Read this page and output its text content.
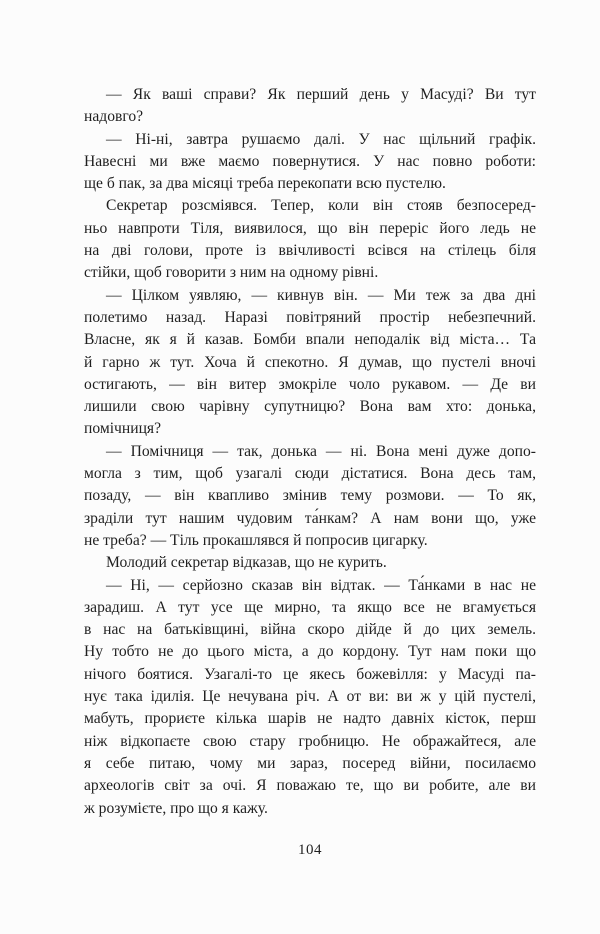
— Як ваші справи? Як перший день у Масуді? Ви тут
надовго?
— Ні-ні, завтра рушаємо далі. У нас щільний графік.
Навесні ми вже маємо повернутися. У нас повно роботи:
ще б пак, за два місяці треба перекопати всю пустелю.
Секретар розсміявся. Тепер, коли він стояв безпосеред-
ньо навпроти Тіля, виявилося, що він переріс його ледь не
на дві голови, проте із ввічливості всівся на стілець біля
стійки, щоб говорити з ним на одному рівні.
— Цілком уявляю, — кивнув він. — Ми теж за два дні
полетимо назад. Наразі повітряний простір небезпечний.
Власне, як я й казав. Бомби впали неподалік від міста… Та
й гарно ж тут. Хоча й спекотно. Я думав, що пустелі вночі
остигають, — він витер змокріле чоло рукавом. — Де ви
лишили свою чарівну супутницю? Вона вам хто: донька,
помічниця?
— Помічниця — так, донька — ні. Вона мені дуже допо-
могла з тим, щоб узагалі сюди дістатися. Вона десь там,
позаду, — він квапливо змінив тему розмови. — То як,
зраділи тут нашим чудовим та́нкам? А нам вони що, уже
не треба? — Тіль прокашлявся й попросив цигарку.
Молодий секретар відказав, що не курить.
— Ні, — серйозно сказав він відтак. — Та́нками в нас не
зарадиш. А тут усе ще мирно, та якщо все не вгамується
в нас на батьківщині, війна скоро дійде й до цих земель.
Ну тобто не до цього міста, а до кордону. Тут нам поки що
нічого боятися. Узагалі-то це якесь божевілля: у Масуді па-
нує така ідилія. Це нечувана річ. А от ви: ви ж у цій пустелі,
мабуть, прориєте кілька шарів не надто давніх кісток, перш
ніж відкопаєте свою стару гробницю. Не ображайтеся, але
я себе питаю, чому ми зараз, посеред війни, посилаємо
археологів світ за очі. Я поважаю те, що ви робите, але ви
ж розумієте, про що я кажу.
104
